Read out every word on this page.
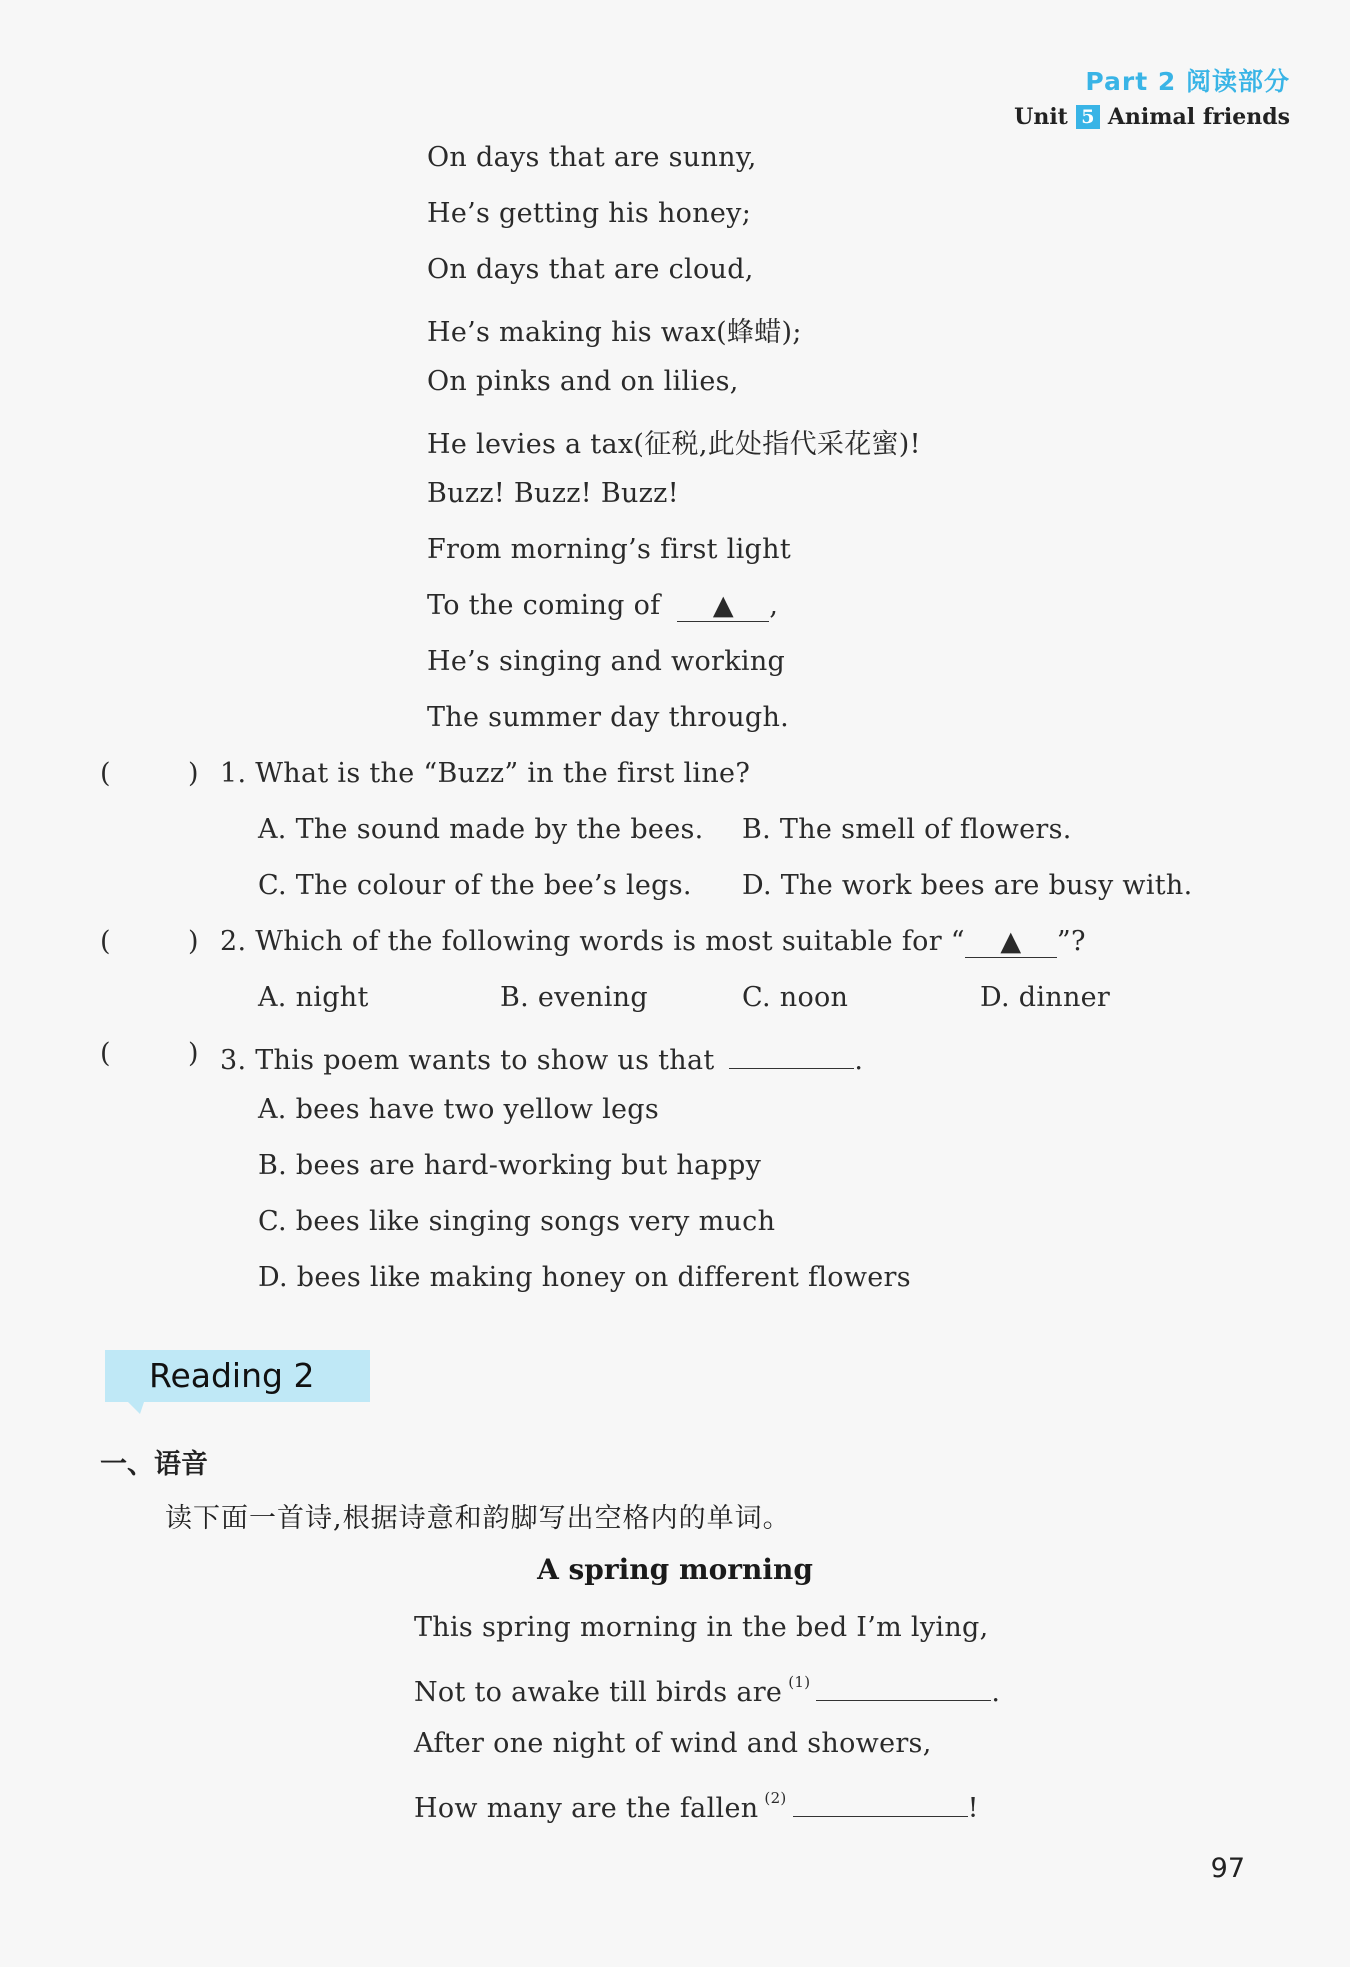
Part 2 阅读部分
Unit 5 Animal friends
On days that are sunny,
He’s getting his honey;
On days that are cloud,
He’s making his wax(蜂蜡);
On pinks and on lilies,
He levies a tax(征税,此处指代采花蜜)!
Buzz! Buzz! Buzz!
From morning’s first light
To the coming of ▲ ,
He’s singing and working
The summer day through.
(	) 1. What is the “Buzz” in the first line?
A. The sound made by the bees. B. The smell of flowers.
C. The colour of the bee’s legs. D. The work bees are busy with.
(	) 2. Which of the following words is most suitable for “ ▲ ”?
A. night	B. evening	C. noon	D. dinner
(	) 3. This poem wants to show us that	.
A. bees have two yellow legs
B. bees are hard-working but happy
C. bees like singing songs very much
D. bees like making honey on different flowers
Reading 2
一、语音
读下面一首诗,根据诗意和韵脚写出空格内的单词。
A spring morning
This spring morning in the bed I’m lying,
Not to awake till birds are $^{(1)}$	.
After one night of wind and showers,
How many are the fallen $^{(2)}$	!
97
